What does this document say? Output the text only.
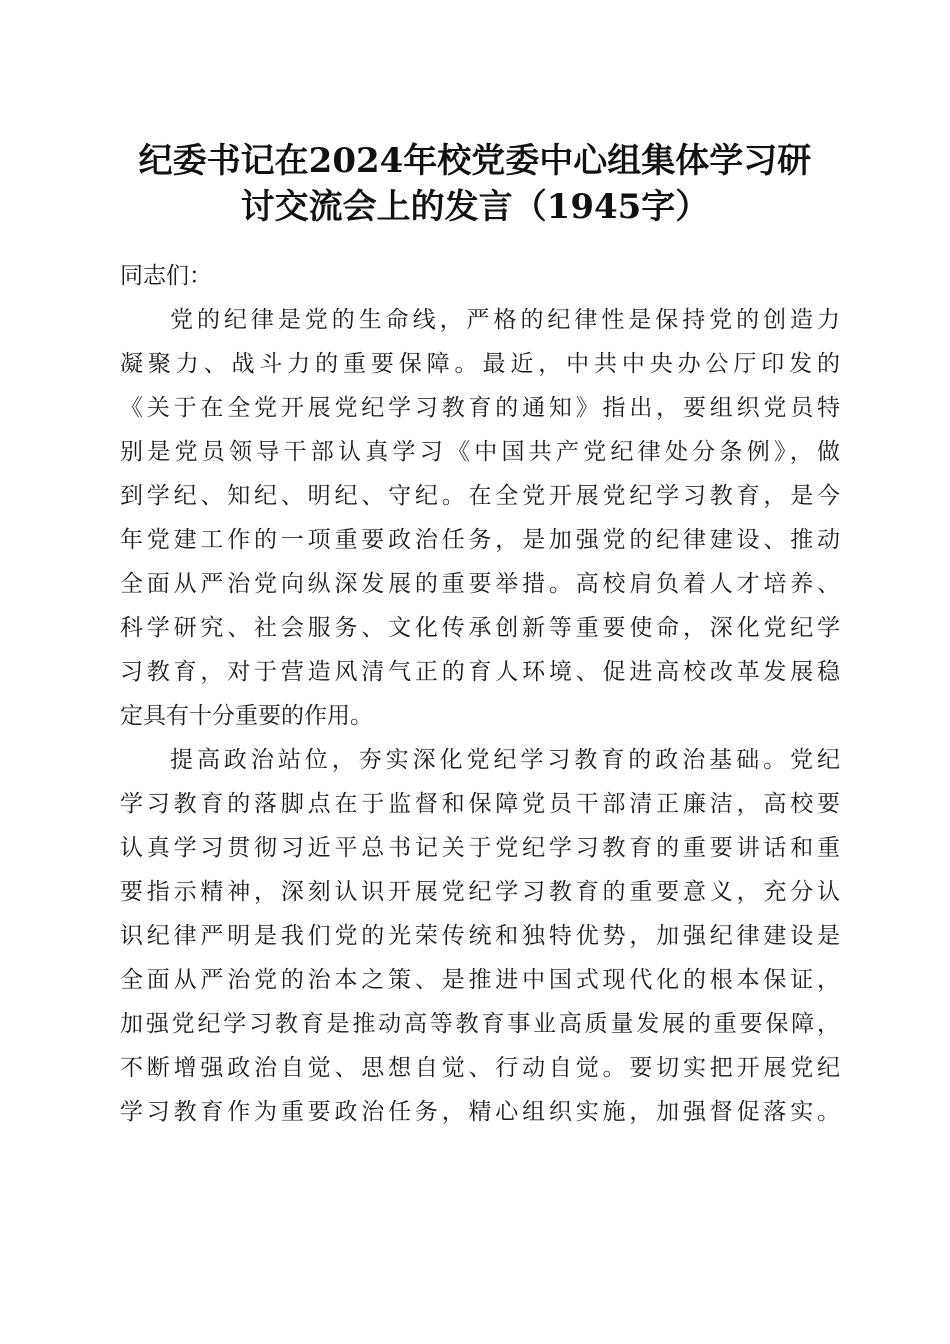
纪委书记在2024年校党委中心组集体学习研
讨交流会上的发言（1945字）
同志们：
党的纪律是党的生命线，严格的纪律性是保持党的创造力
凝聚力、战斗力的重要保障。最近，中共中央办公厅印发的
《关于在全党开展党纪学习教育的通知》指出，要组织党员特
别是党员领导干部认真学习《中国共产党纪律处分条例》，做
到学纪、知纪、明纪、守纪。在全党开展党纪学习教育，是今
年党建工作的一项重要政治任务，是加强党的纪律建设、推动
全面从严治党向纵深发展的重要举措。高校肩负着人才培养、
科学研究、社会服务、文化传承创新等重要使命，深化党纪学
习教育，对于营造风清气正的育人环境、促进高校改革发展稳
定具有十分重要的作用。
提高政治站位，夯实深化党纪学习教育的政治基础。党纪
学习教育的落脚点在于监督和保障党员干部清正廉洁，高校要
认真学习贯彻习近平总书记关于党纪学习教育的重要讲话和重
要指示精神，深刻认识开展党纪学习教育的重要意义，充分认
识纪律严明是我们党的光荣传统和独特优势，加强纪律建设是
全面从严治党的治本之策、是推进中国式现代化的根本保证，
加强党纪学习教育是推动高等教育事业高质量发展的重要保障，
不断增强政治自觉、思想自觉、行动自觉。要切实把开展党纪
学习教育作为重要政治任务，精心组织实施，加强督促落实。
